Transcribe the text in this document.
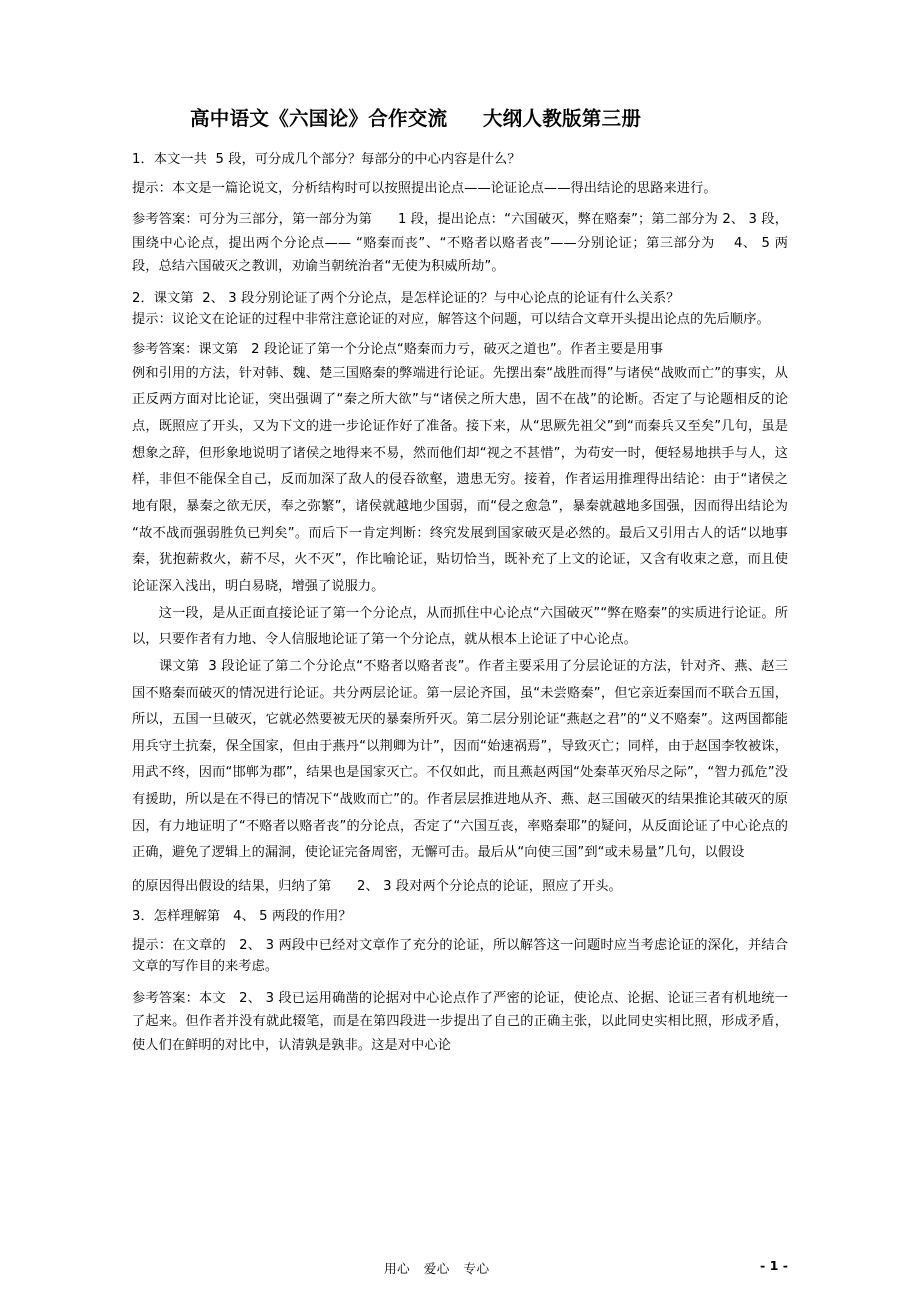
高中语文《六国论》合作交流     大纲人教版第三册

1．本文一共  5 段，可分成几个部分？每部分的中心内容是什么？

提示：本文是一篇论说文，分析结构时可以按照提出论点——论证论点——得出结论的思路来进行。

参考答案：可分为三部分，第一部分为第      1 段，提出论点：“六国破灭，弊在赂秦”；第二部分为 2、 3 段，围绕中心论点，提出两个分论点—— “赂秦而丧”、“不赂者以赂者丧”——分别论证；第三部分为    4、 5 两段，总结六国破灭之教训，劝谕当朝统治者“无使为积威所劫”。

2．课文第  2、 3 段分别论证了两个分论点，是怎样论证的？与中心论点的论证有什么关系？

提示：议论文在论证的过程中非常注意论证的对应，解答这个问题，可以结合文章开头提出论点的先后顺序。

参考答案：课文第   2 段论证了第一个分论点“赂秦而力亏，破灭之道也”。作者主要是用事

例和引用的方法，针对韩、魏、楚三国赂秦的弊端进行论证。先摆出秦“战胜而得”与诸侯“战败而亡”的事实，从正反两方面对比论证，突出强调了“秦之所大欲”与“诸侯之所大患，固不在战”的论断。否定了与论题相反的论点，既照应了开头，又为下文的进一步论证作好了准备。接下来，从“思厥先祖父”到“而秦兵又至矣”几句，虽是想象之辞，但形象地说明了诸侯之地得来不易，然而他们却“视之不甚惜”，为苟安一时，便轻易地拱手与人，这样，非但不能保全自己，反而加深了敌人的侵吞欲壑，遗患无穷。接着，作者运用推理得出结论：由于“诸侯之地有限，暴秦之欲无厌，奉之弥繁”，诸侯就越地少国弱，而“侵之愈急”，暴秦就越地多国强，因而得出结论为“故不战而强弱胜负已判矣”。而后下一肯定判断：终究发展到国家破灭是必然的。最后又引用古人的话“以地事秦，犹抱薪救火，薪不尽，火不灭”，作比喻论证，贴切恰当，既补充了上文的论证，又含有收束之意，而且使论证深入浅出，明白易晓，增强了说服力。

　　这一段，是从正面直接论证了第一个分论点，从而抓住中心论点“六国破灭”“弊在赂秦”的实质进行论证。所以，只要作者有力地、令人信服地论证了第一个分论点，就从根本上论证了中心论点。

　　课文第  3 段论证了第二个分论点“不赂者以赂者丧”。作者主要采用了分层论证的方法，针对齐、燕、赵三国不赂秦而破灭的情况进行论证。共分两层论证。第一层论齐国，虽“未尝赂秦”，但它亲近秦国而不联合五国，所以，五国一旦破灭，它就必然要被无厌的暴秦所歼灭。第二层分别论证“燕赵之君”的“义不赂秦”。这两国都能用兵守土抗秦，保全国家，但由于燕丹“以荆卿为计”，因而“始速祸焉”，导致灭亡；同样，由于赵国李牧被诛，用武不终，因而“邯郸为郡”，结果也是国家灭亡。不仅如此，而且燕赵两国“处秦革灭殆尽之际”，“智力孤危”没有援助，所以是在不得已的情况下“战败而亡”的。作者层层推进地从齐、燕、赵三国破灭的结果推论其破灭的原因，有力地证明了“不赂者以赂者丧”的分论点，否定了“六国互丧，率赂秦耶”的疑问，从反面论证了中心论点的正确，避免了逻辑上的漏洞，使论证完备周密，无懈可击。最后从“向使三国”到“或未易量”几句，以假设

的原因得出假设的结果，归纳了第      2、 3 段对两个分论点的论证，照应了开头。

3．怎样理解第   4、 5 两段的作用？

提示：在文章的   2、 3 两段中已经对文章作了充分的论证，所以解答这一问题时应当考虑论证的深化，并结合文章的写作目的来考虑。

参考答案：本文   2、 3 段已运用确凿的论据对中心论点作了严密的论证，使论点、论据、论证三者有机地统一了起来。但作者并没有就此辍笔，而是在第四段进一步提出了自己的正确主张，以此同史实相比照，形成矛盾，使人们在鲜明的对比中，认清孰是孰非。这是对中心论

用心   爱心   专心	- 1 -
